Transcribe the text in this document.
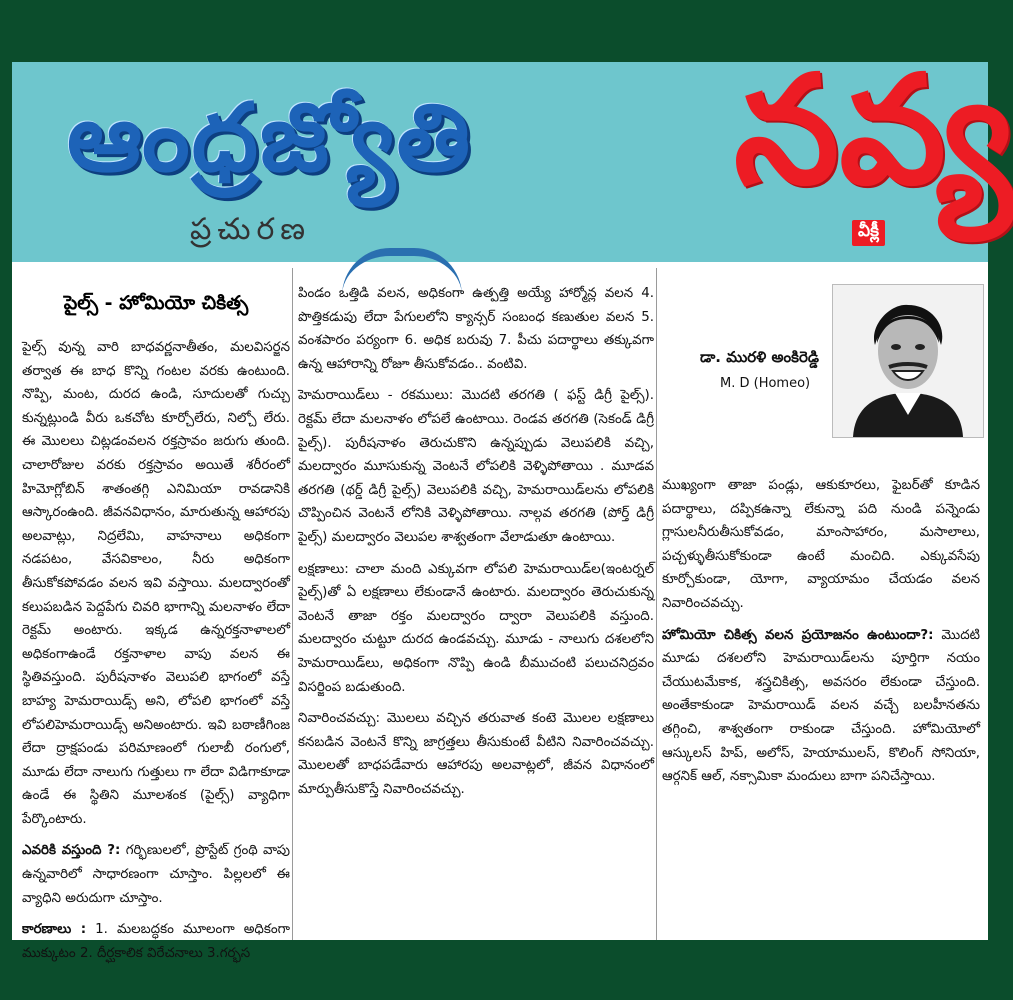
ఆంధ్రజ్యోతి
ప్రచురణ
నవ్య
వీక్లీ

పైల్స్ - హోమియో చికిత్స

పైల్స్ వున్న వారి బాధవర్ణనాతీతం, మలవిసర్జన తర్వాత ఈ బాధ కొన్ని గంటల వరకు ఉంటుంది. నొప్పి, మంట, దురద ఉండి, సూదులతో గుచ్చు కున్నట్లుండి వీరు ఒకచోట కూర్చోలేరు, నిల్చో లేరు. ఈ మొలలు చిట్లడంవలన రక్తస్రావం జరుగు తుంది. చాలారోజుల వరకు రక్తస్రావం అయితే శరీరంలో హిమోగ్లోబిన్ శాతంతగ్గి ఎనిమియా రావడానికి ఆస్కారంఉంది. జీవనవిధానం, మారుతున్న ఆహారపు అలవాట్లు, నిద్రలేమి, వాహనాలు అధికంగా నడపటం, వేసవికాలం, నీరు అధికంగా తీసుకోకపోవడం వలన ఇవి వస్తాయి. మలద్వారంతో కలుపబడిన పెద్దపేగు చివరి భాగాన్ని మలనాళం లేదా రెక్టమ్ అంటారు. ఇక్కడ ఉన్నరక్తనాళాలలో అధికంగాఉండే రక్తనాళాల వాపు వలన ఈ స్థితివస్తుంది. పురీషనాళం వెలుపలి భాగంలో వస్తే బాహ్య హెమరాయిడ్స్ అని, లోపలి భాగంలో వస్తే లోపలిహెమరాయిడ్స్ అనిఅంటారు. ఇవి బఠాణీగింజ లేదా ద్రాక్షపండు పరిమాణంలో గులాబీ రంగులో, మూడు లేదా నాలుగు గుత్తులు గా లేదా విడిగాకూడా ఉండే ఈ స్థితిని మూలశంక (పైల్స్) వ్యాధిగా పేర్కొంటారు.

ఎవరికి వస్తుంది ?: గర్భిణులలో, ప్రొస్టేట్ గ్రంథి వాపు ఉన్నవారిలో సాధారణంగా చూస్తాం. పిల్లలలో ఈ వ్యాధిని అరుదుగా చూస్తాం.

కారణాలు : 1. మలబద్ధకం మూలంగా అధికంగా ముక్కుటం 2. దీర్ఘకాలిక విరేచనాలు 3.గర్భస

పిండం ఒత్తిడి వలన, అధికంగా ఉత్పత్తి అయ్యే హార్మోన్ల వలన 4. పొత్తికడుపు లేదా పేగులలోని క్యాన్సర్ సంబంధ కణుతుల వలన 5. వంశపారం పర్యంగా 6. అధిక బరువు 7. పీచు పదార్థాలు తక్కువగా ఉన్న ఆహారాన్ని రోజూ తీసుకోవడం.. వంటివి.

హెమరాయిడ్‌లు - రకములు: మొదటి తరగతి ( ఫస్ట్ డిగ్రీ పైల్స్). రెక్టమ్ లేదా మలనాళం లోపలే ఉంటాయి. రెండవ తరగతి (సెకండ్ డిగ్రీ పైల్స్). పురీషనాళం తెరుచుకొని ఉన్నప్పుడు వెలుపలికి వచ్చి, మలద్వారం మూసుకున్న వెంటనే లోపలికి వెళ్ళిపోతాయి . మూడవ తరగతి (థర్డ్ డిగ్రీ పైల్స్) వెలుపలికి వచ్చి, హెమరాయిడ్‌లను లోపలికి చొప్పించిన వెంటనే లోనికి వెళ్ళిపోతాయి. నాల్గవ తరగతి (పోర్త్ డిగ్రీ పైల్స్) మలద్వారం వెలుపల శాశ్వతంగా వేలాడుతూ ఉంటాయి.

లక్షణాలు: చాలా మంది ఎక్కువగా లోపలి హెమరాయిడ్‌ల(ఇంటర్నల్ పైల్స్)తో ఏ లక్షణాలు లేకుండానే ఉంటారు. మలద్వారం తెరుచుకున్న వెంటనే తాజా రక్తం మలద్వారం ద్వారా వెలుపలికి వస్తుంది. మలద్వారం చుట్టూ దురద ఉండవచ్చు. మూడు - నాలుగు దశలలోని హెమరాయిడ్‌లు, అధికంగా నొప్పి ఉండి బీముచంటి పలుచనిద్రవం విసర్జింప బడుతుంది.

నివారించవచ్చు: మొలలు వచ్చిన తరువాత కంటె మొలల లక్షణాలు కనబడిన వెంటనే కొన్ని జాగ్రత్తలు తీసుకుంటే వీటిని నివారించవచ్చు. మొలలతో బాధపడేవారు ఆహారపు అలవాట్లలో, జీవన విధానంలో మార్పుతీసుకొస్తే నివారించవచ్చు.

డా. మురళి అంకిరెడ్డి
M. D (Homeo)

ముఖ్యంగా తాజా పండ్లు, ఆకుకూరలు, ఫైబర్‌తో కూడిన పదార్థాలు, దప్పికఉన్నా లేకున్నా పది నుండి పన్నెండు గ్లాసులనీరుతీసుకోవడం, మాంసాహారం, మసాలాలు, పచ్చళ్ళుతీసుకోకుండా ఉంటే మంచిది. ఎక్కువసేపు కూర్చోకుండా, యోగా, వ్యాయామం చేయడం వలన నివారించవచ్చు.

హోమియో చికిత్స వలన ప్రయోజనం ఉంటుందా?: మొదటి మూడు దశలలోని హెమరాయిడ్‌లను పూర్తిగా నయం చేయుటమేకాక, శస్త్రచికిత్స, అవసరం లేకుండా చేస్తుంది. అంతేకాకుండా హెమరాయిడ్ వలన వచ్చే బలహీనతను తగ్గించి, శాశ్వతంగా రాకుండా చేస్తుంది. హోమియోలో ఆస్కులస్ హిప్, అలోస్, హెయాములస్, కొలింగ్ సోనియా, ఆర్గనిక్ ఆల్, నక్సామికా మందులు బాగా పనిచేస్తాయి.
